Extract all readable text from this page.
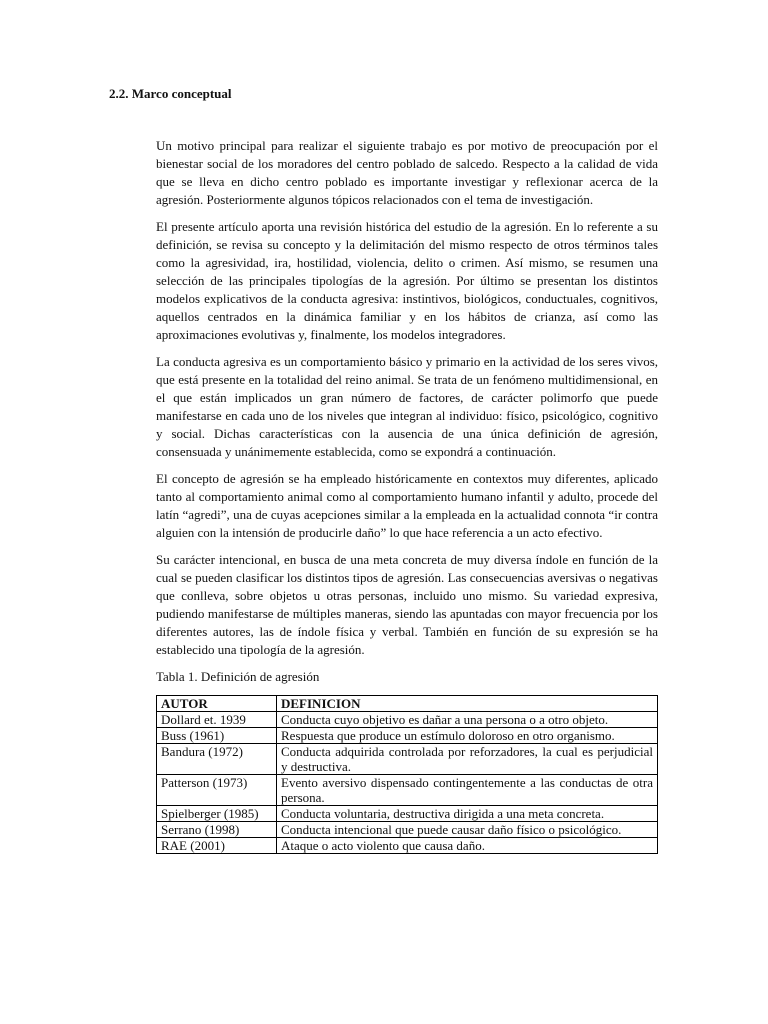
2.2. Marco conceptual

Un motivo principal para realizar el siguiente trabajo es por motivo de preocupación por el bienestar social de los moradores del centro poblado de salcedo. Respecto a la calidad de vida que se lleva en dicho centro poblado es importante investigar y reflexionar acerca de la agresión. Posteriormente algunos tópicos relacionados con el tema de investigación.

El presente artículo aporta una revisión histórica del estudio de la agresión. En lo referente a su definición, se revisa su concepto y la delimitación del mismo respecto de otros términos tales como la agresividad, ira, hostilidad, violencia, delito o crimen. Así mismo, se resumen una selección de las principales tipologías de la agresión. Por último se presentan los distintos modelos explicativos de la conducta agresiva: instintivos, biológicos, conductuales, cognitivos, aquellos centrados en la dinámica familiar y en los hábitos de crianza, así como las aproximaciones evolutivas y, finalmente, los modelos integradores.

La conducta agresiva es un comportamiento básico y primario en la actividad de los seres vivos, que está presente en la totalidad del reino animal. Se trata de un fenómeno multidimensional, en el que están implicados un gran número de factores, de carácter polimorfo que puede manifestarse en cada uno de los niveles que integran al individuo: físico, psicológico, cognitivo y social. Dichas características con la ausencia de una única definición de agresión, consensuada y unánimemente establecida, como se expondrá a continuación.

El concepto de agresión se ha empleado históricamente en contextos muy diferentes, aplicado tanto al comportamiento animal como al comportamiento humano infantil y adulto, procede del latín “agredi”, una de cuyas acepciones similar a la empleada en la actualidad connota “ir contra alguien con la intensión de producirle daño” lo que hace referencia a un acto efectivo.

Su carácter intencional, en busca de una meta concreta de muy diversa índole en función de la cual se pueden clasificar los distintos tipos de agresión. Las consecuencias aversivas o negativas que conlleva, sobre objetos u otras personas, incluido uno mismo. Su variedad expresiva, pudiendo manifestarse de múltiples maneras, siendo las apuntadas con mayor frecuencia por los diferentes autores, las de índole física y verbal. También en función de su expresión se ha establecido una tipología de la agresión.

Tabla 1. Definición de agresión
AUTOR	DEFINICION
Dollard et. 1939	Conducta cuyo objetivo es dañar a una persona o a otro objeto.
Buss (1961)	Respuesta que produce un estímulo doloroso en otro organismo.
Bandura (1972)	Conducta adquirida controlada por reforzadores, la cual es perjudicial y destructiva.
Patterson (1973)	Evento aversivo dispensado contingentemente a las conductas de otra persona.
Spielberger (1985)	Conducta voluntaria, destructiva dirigida a una meta concreta.
Serrano (1998)	Conducta intencional que puede causar daño físico o psicológico.
RAE (2001)	Ataque o acto violento que causa daño.
